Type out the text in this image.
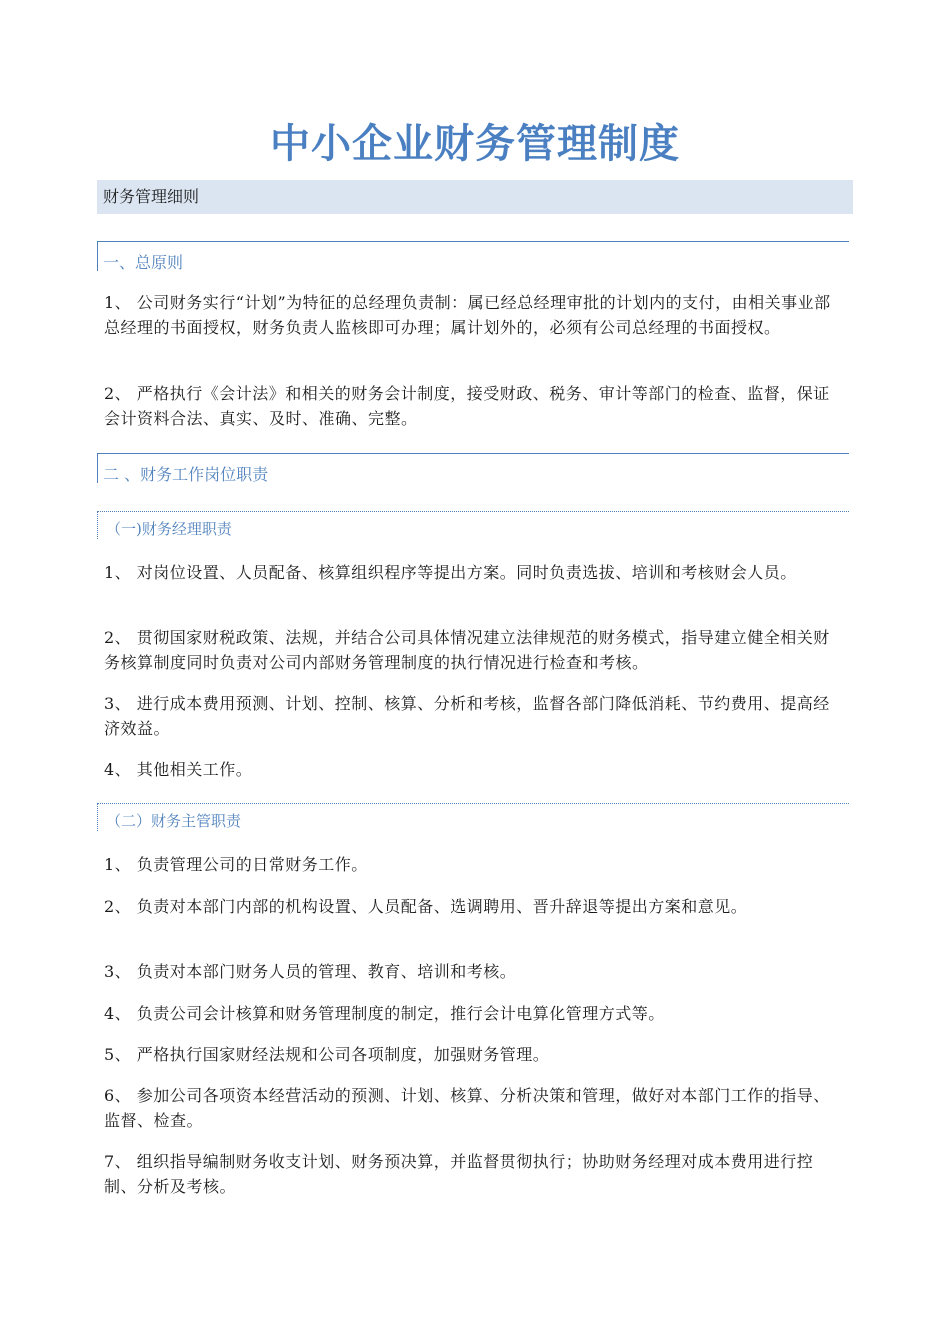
中小企业财务管理制度
财务管理细则
一、总原则
1、 公司财务实行“计划”为特征的总经理负责制：属已经总经理审批的计划内的支付，由相关事业部总经理的书面授权，财务负责人监核即可办理；属计划外的，必须有公司总经理的书面授权。
2、 严格执行《会计法》和相关的财务会计制度，接受财政、税务、审计等部门的检查、监督，保证会计资料合法、真实、及时、准确、完整。
二 、财务工作岗位职责
（一)财务经理职责
1、 对岗位设置、人员配备、核算组织程序等提出方案。同时负责选拔、培训和考核财会人员。
2、 贯彻国家财税政策、法规，并结合公司具体情况建立法律规范的财务模式，指导建立健全相关财务核算制度同时负责对公司内部财务管理制度的执行情况进行检查和考核。
3、 进行成本费用预测、计划、控制、核算、分析和考核，监督各部门降低消耗、节约费用、提高经济效益。
4、 其他相关工作。
（二）财务主管职责
1、 负责管理公司的日常财务工作。
2、 负责对本部门内部的机构设置、人员配备、选调聘用、晋升辞退等提出方案和意见。
3、 负责对本部门财务人员的管理、教育、培训和考核。
4、 负责公司会计核算和财务管理制度的制定，推行会计电算化管理方式等。
5、 严格执行国家财经法规和公司各项制度，加强财务管理。
6、 参加公司各项资本经营活动的预测、计划、核算、分析决策和管理，做好对本部门工作的指导、监督、检查。
7、 组织指导编制财务收支计划、财务预决算，并监督贯彻执行；协助财务经理对成本费用进行控制、分析及考核。
